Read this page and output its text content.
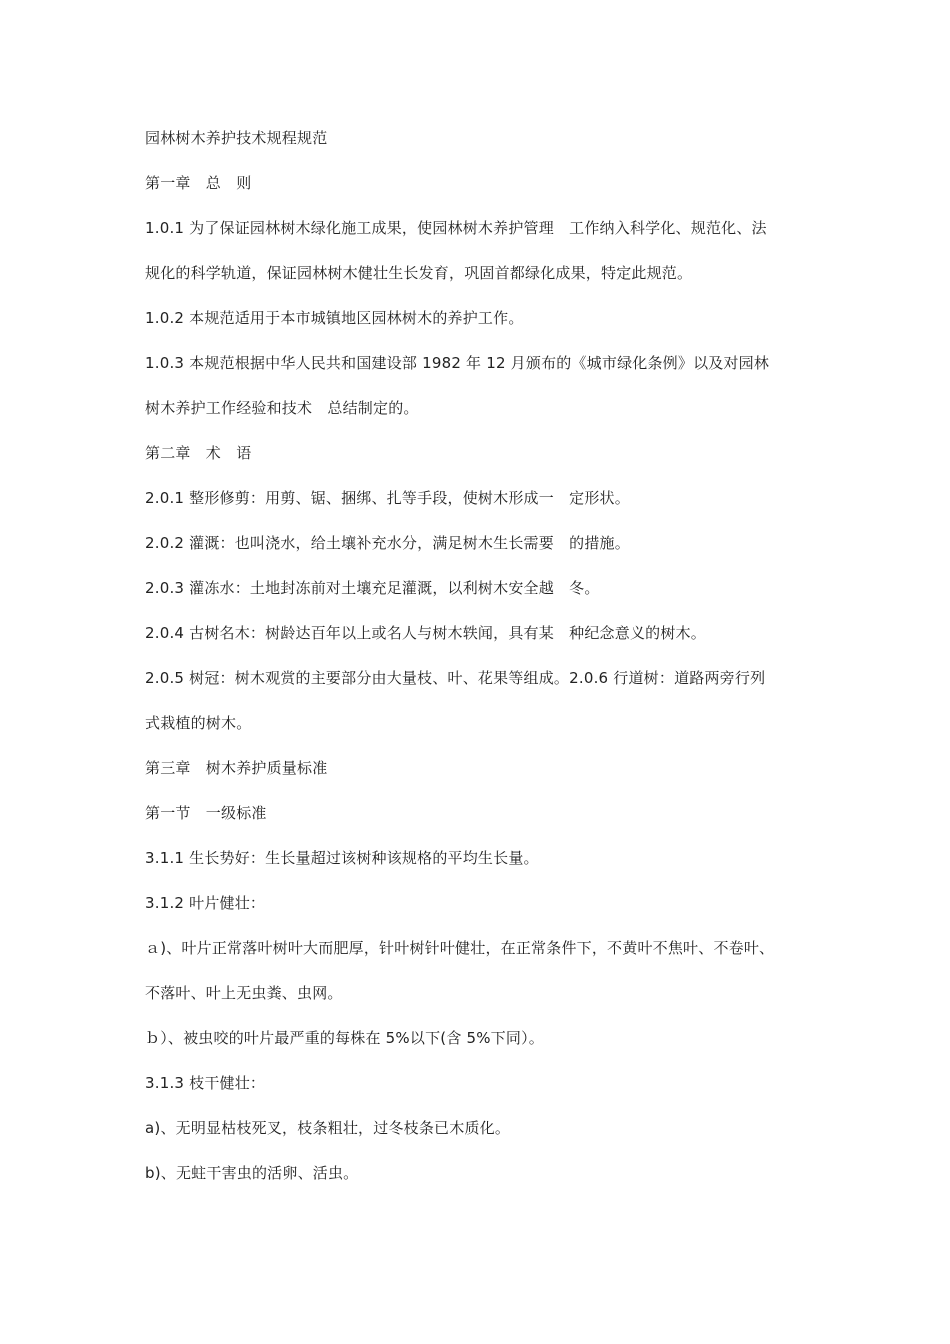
园林树木养护技术规程规范
第一章　总　则
1.0.1 为了保证园林树木绿化施工成果，使园林树木养护管理　工作纳入科学化、规范化、法
规化的科学轨道，保证园林树木健壮生长发育，巩固首都绿化成果，特定此规范。
1.0.2 本规范适用于本市城镇地区园林树木的养护工作。
1.0.3 本规范根据中华人民共和国建设部 1982 年 12 月颁布的《城市绿化条例》以及对园林
树木养护工作经验和技术　总结制定的。
第二章　术　语
2.0.1 整形修剪：用剪、锯、捆绑、扎等手段，使树木形成一　定形状。
2.0.2 灌溉：也叫浇水，给土壤补充水分，满足树木生长需要　的措施。
2.0.3 灌冻水：土地封冻前对土壤充足灌溉，以利树木安全越　冬。
2.0.4 古树名木：树龄达百年以上或名人与树木轶闻，具有某　种纪念意义的树木。
2.0.5 树冠：树木观赏的主要部分由大量枝、叶、花果等组成。2.0.6 行道树：道路两旁行列
式栽植的树木。
第三章　树木养护质量标准
第一节　一级标准
3.1.1 生长势好：生长量超过该树种该规格的平均生长量。
3.1.2 叶片健壮：
ａ)、叶片正常落叶树叶大而肥厚，针叶树针叶健壮，在正常条件下，不黄叶不焦叶、不卷叶、
不落叶、叶上无虫粪、虫网。
ｂ）、被虫咬的叶片最严重的每株在 5%以下(含 5%下同）。
3.1.3 枝干健壮：
a)、无明显枯枝死叉，枝条粗壮，过冬枝条已木质化。
b)、无蛀干害虫的活卵、活虫。
